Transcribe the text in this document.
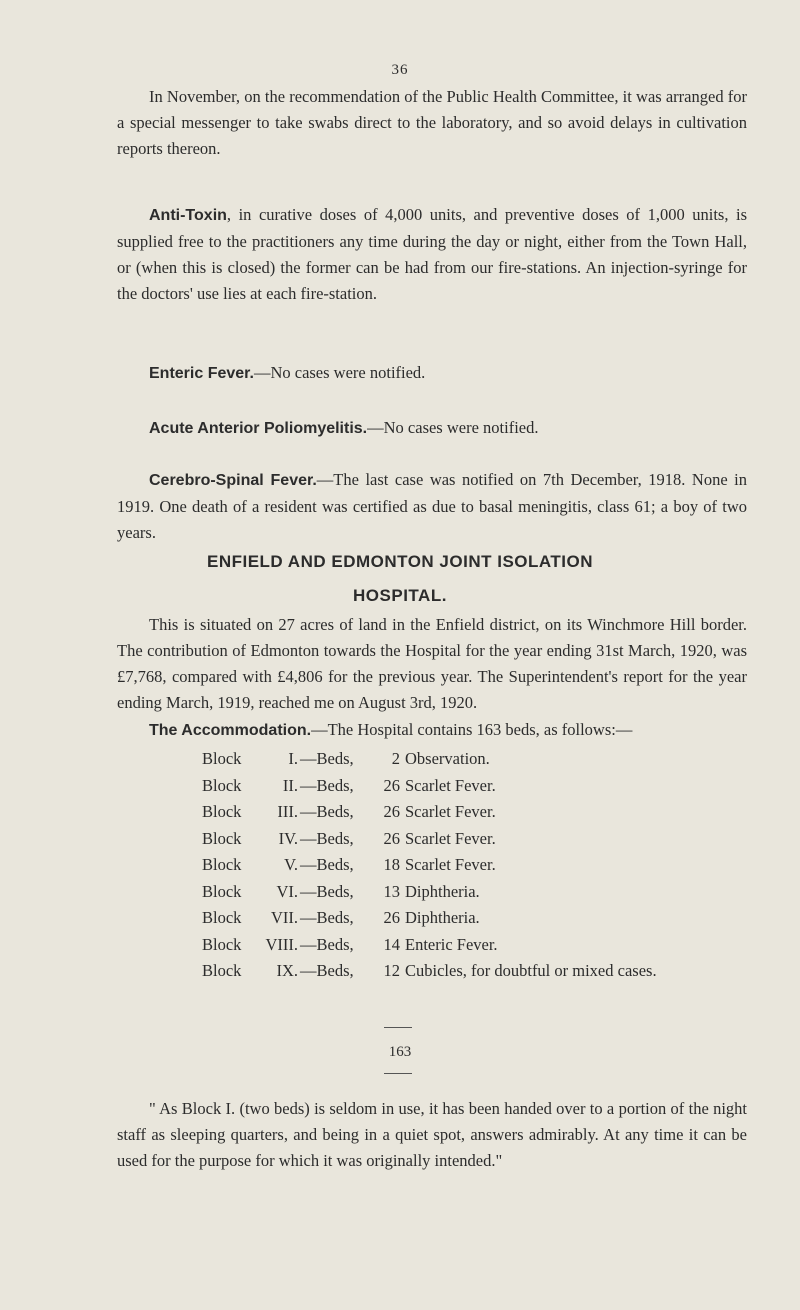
36
In November, on the recommendation of the Public Health Committee, it was arranged for a special messenger to take swabs direct to the laboratory, and so avoid delays in cultivation reports thereon.
Anti-Toxin, in curative doses of 4,000 units, and preventive doses of 1,000 units, is supplied free to the practitioners any time during the day or night, either from the Town Hall, or (when this is closed) the former can be had from our fire-stations. An injection-syringe for the doctors' use lies at each fire-station.
Enteric Fever.—No cases were notified.
Acute Anterior Poliomyelitis.—No cases were notified.
Cerebro-Spinal Fever.—The last case was notified on 7th December, 1918. None in 1919. One death of a resident was certified as due to basal meningitis, class 61; a boy of two years.
ENFIELD AND EDMONTON JOINT ISOLATION
HOSPITAL.
This is situated on 27 acres of land in the Enfield district, on its Winchmore Hill border. The contribution of Edmonton towards the Hospital for the year ending 31st March, 1920, was £7,768, compared with £4,806 for the previous year. The Superintendent's report for the year ending March, 1919, reached me on August 3rd, 1920.
The Accommodation.—The Hospital contains 163 beds, as follows:—
Block	I. —Beds,	2 Observation.
Block	II. —Beds,	26 Scarlet Fever.
Block	III. —Beds,	26 Scarlet Fever.
Block	IV. —Beds,	26 Scarlet Fever.
Block	V. —Beds,	18 Scarlet Fever.
Block	VI. —Beds,	13 Diphtheria.
Block	VII. —Beds,	26 Diphtheria.
Block	VIII. —Beds,	14 Enteric Fever.
Block	IX. —Beds,	12 Cubicles, for doubtful or mixed cases.
163
" As Block I. (two beds) is seldom in use, it has been handed over to a portion of the night staff as sleeping quarters, and being in a quiet spot, answers admirably. At any time it can be used for the purpose for which it was originally intended."
